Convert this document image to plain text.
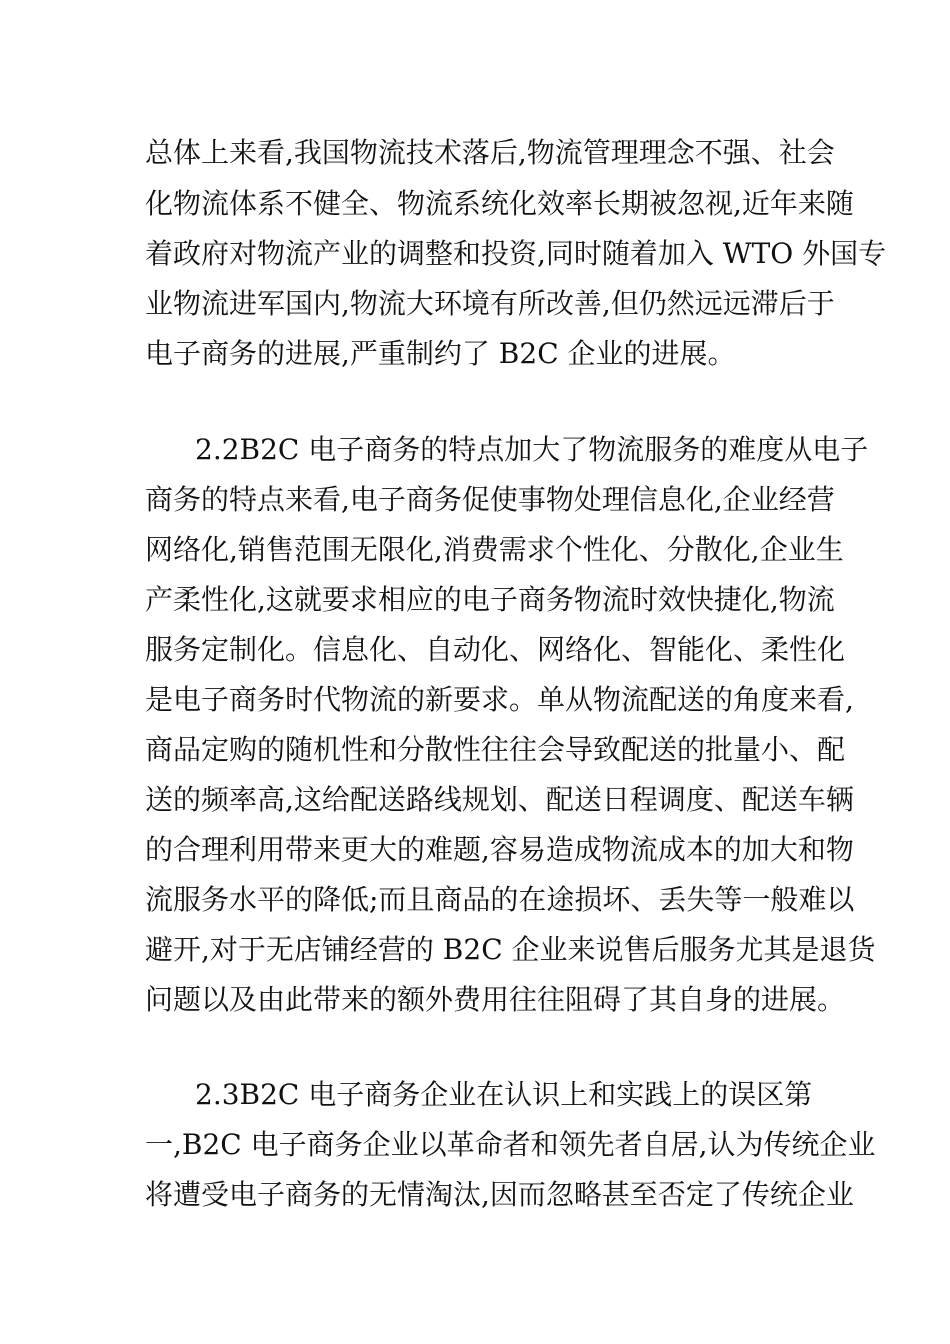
总体上来看,我国物流技术落后,物流管理理念不强、社会
化物流体系不健全、物流系统化效率长期被忽视,近年来随
着政府对物流产业的调整和投资,同时随着加入 WTO 外国专
业物流进军国内,物流大环境有所改善,但仍然远远滞后于
电子商务的进展,严重制约了 B2C 企业的进展。
2.2B2C 电子商务的特点加大了物流服务的难度从电子
商务的特点来看,电子商务促使事物处理信息化,企业经营
网络化,销售范围无限化,消费需求个性化、分散化,企业生
产柔性化,这就要求相应的电子商务物流时效快捷化,物流
服务定制化。信息化、自动化、网络化、智能化、柔性化
是电子商务时代物流的新要求。单从物流配送的角度来看,
商品定购的随机性和分散性往往会导致配送的批量小、配
送的频率高,这给配送路线规划、配送日程调度、配送车辆
的合理利用带来更大的难题,容易造成物流成本的加大和物
流服务水平的降低;而且商品的在途损坏、丢失等一般难以
避开,对于无店铺经营的 B2C 企业来说售后服务尤其是退货
问题以及由此带来的额外费用往往阻碍了其自身的进展。
2.3B2C 电子商务企业在认识上和实践上的误区第
一,B2C 电子商务企业以革命者和领先者自居,认为传统企业
将遭受电子商务的无情淘汰,因而忽略甚至否定了传统企业
